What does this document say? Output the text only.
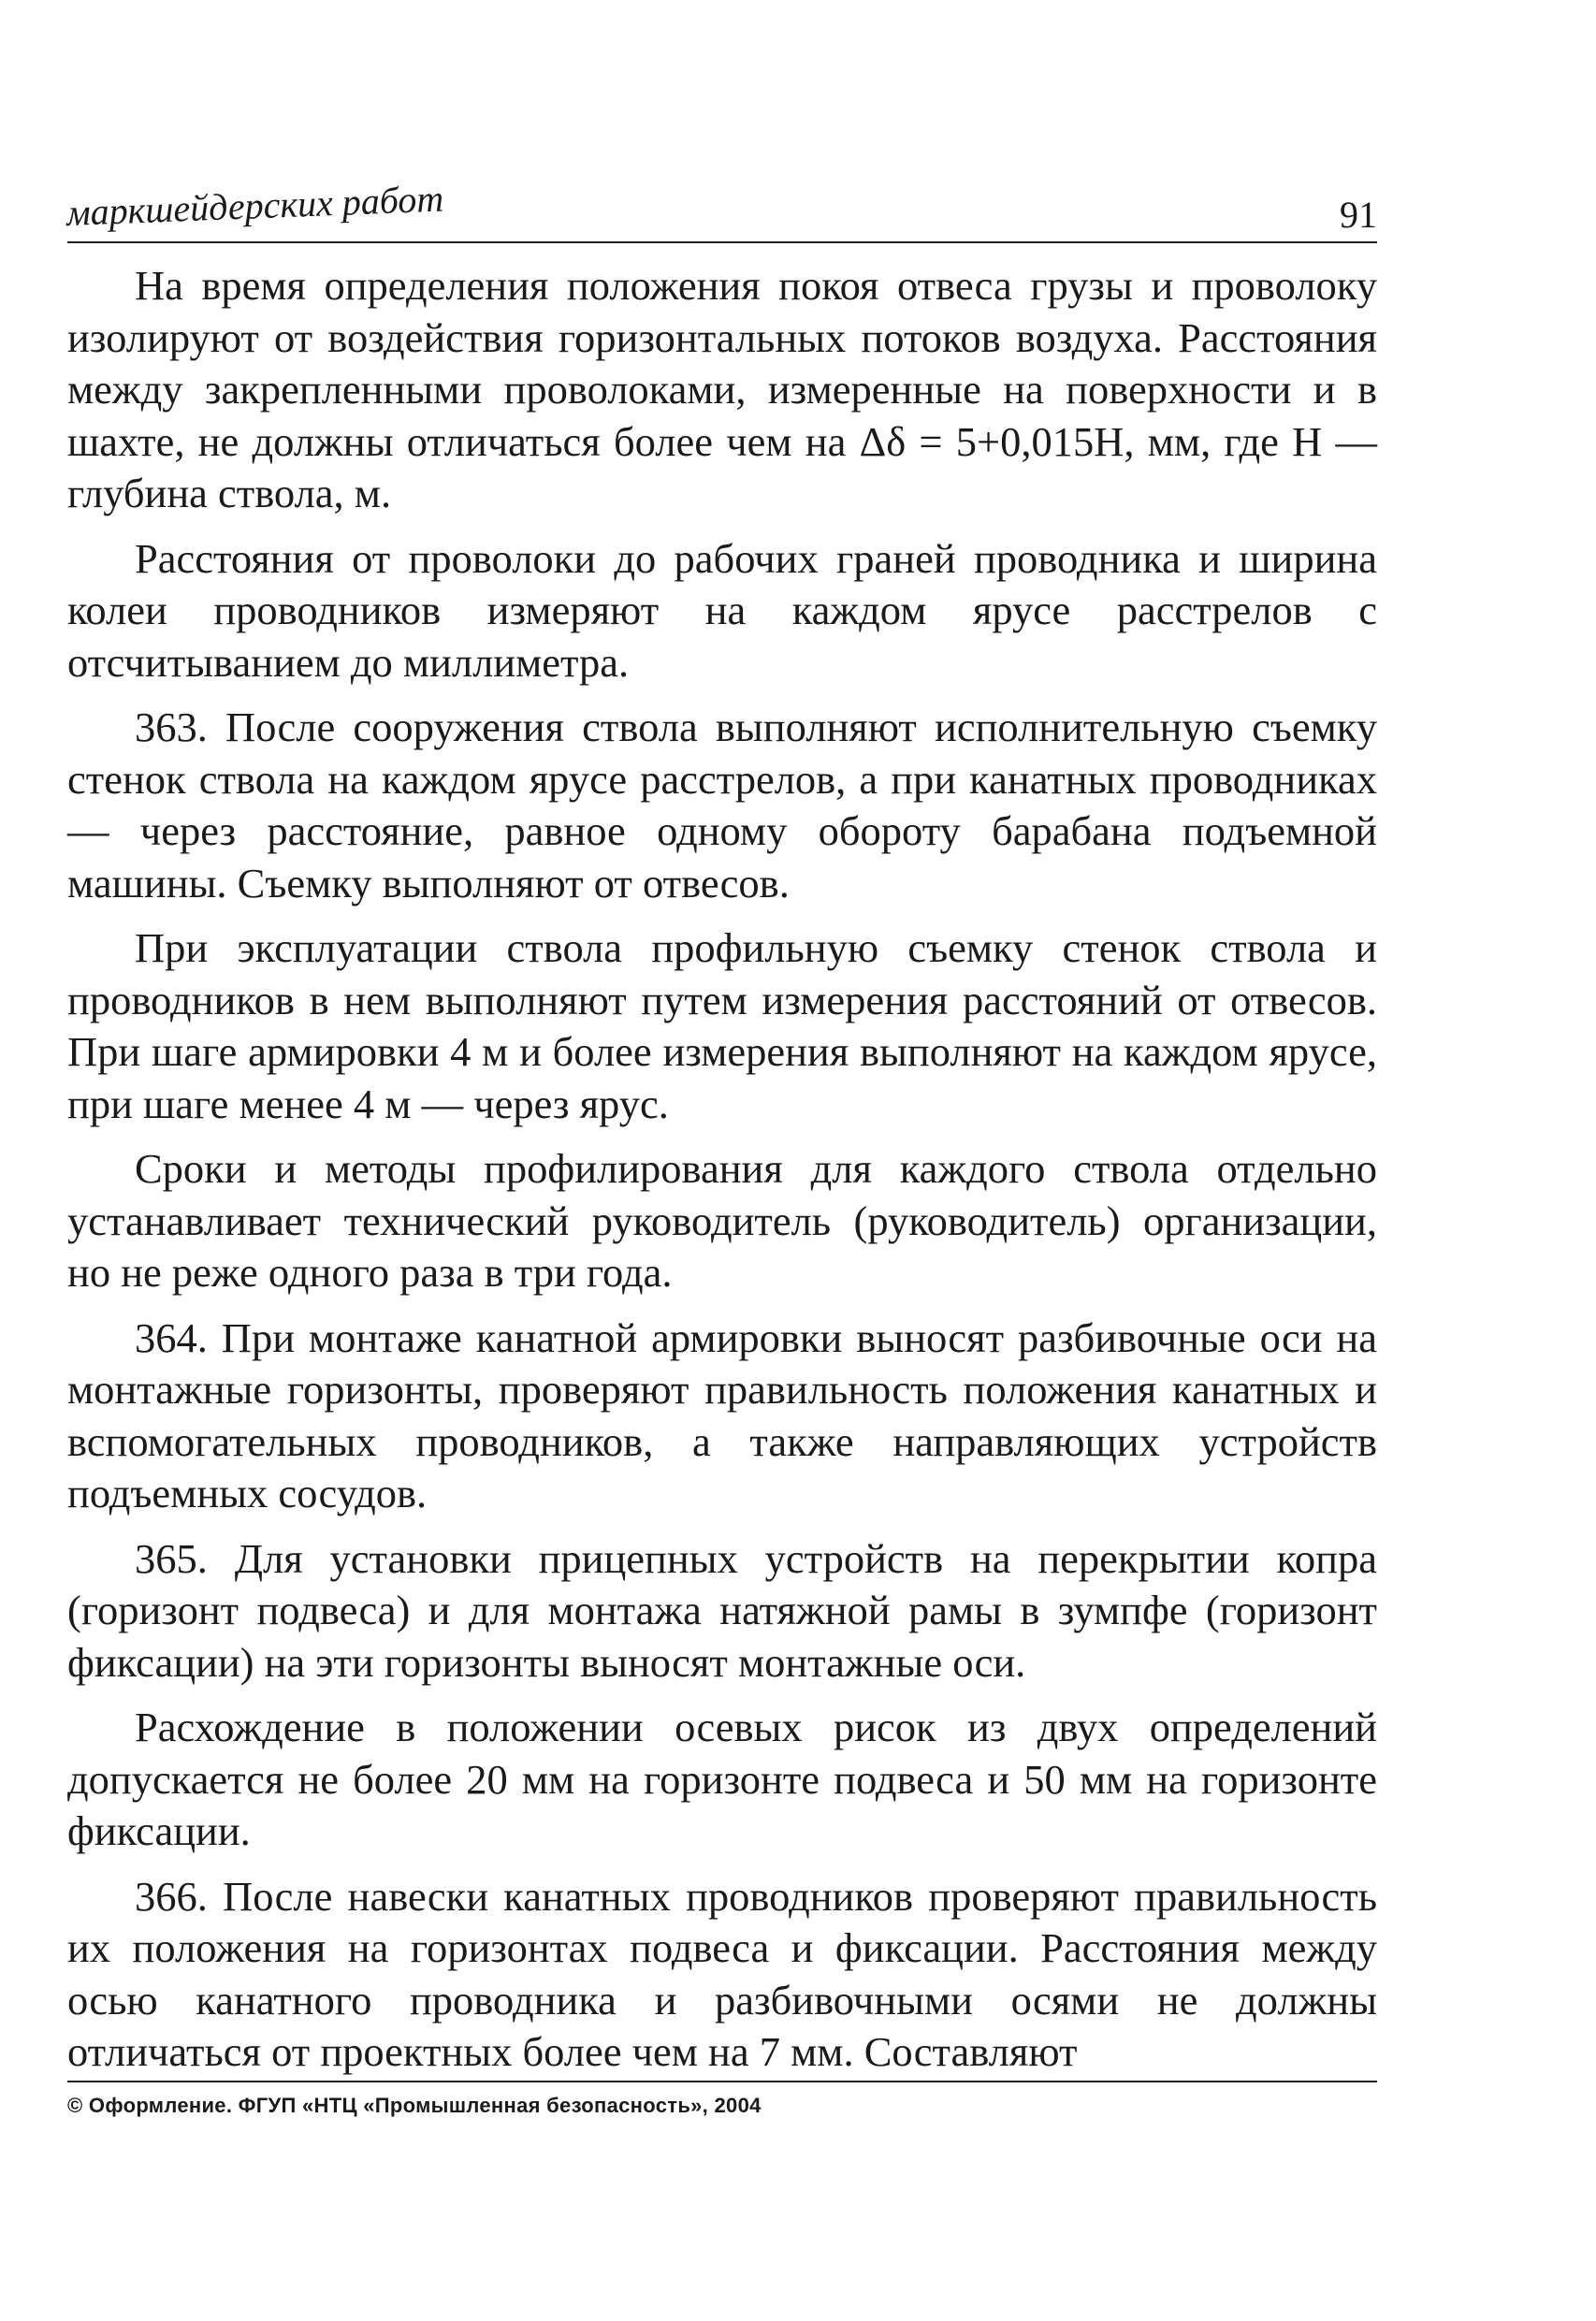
маркшейдерских работ	91

На время определения положения покоя отвеса грузы и проволоку изолируют от воздействия горизонтальных потоков воздуха. Расстояния между закрепленными проволоками, измеренные на поверхности и в шахте, не должны отличаться более чем на Δδ = 5+0,015H, мм, где H — глубина ствола, м.

Расстояния от проволоки до рабочих граней проводника и ширина колеи проводников измеряют на каждом ярусе расстрелов с отсчитыванием до миллиметра.

363. После сооружения ствола выполняют исполнительную съемку стенок ствола на каждом ярусе расстрелов, а при канатных проводниках — через расстояние, равное одному обороту барабана подъемной машины. Съемку выполняют от отвесов.

При эксплуатации ствола профильную съемку стенок ствола и проводников в нем выполняют путем измерения расстояний от отвесов. При шаге армировки 4 м и более измерения выполняют на каждом ярусе, при шаге менее 4 м — через ярус.

Сроки и методы профилирования для каждого ствола отдельно устанавливает технический руководитель (руководитель) организации, но не реже одного раза в три года.

364. При монтаже канатной армировки выносят разбивочные оси на монтажные горизонты, проверяют правильность положения канатных и вспомогательных проводников, а также направляющих устройств подъемных сосудов.

365. Для установки прицепных устройств на перекрытии копра (горизонт подвеса) и для монтажа натяжной рамы в зумпфе (горизонт фиксации) на эти горизонты выносят монтажные оси.

Расхождение в положении осевых рисок из двух определений допускается не более 20 мм на горизонте подвеса и 50 мм на горизонте фиксации.

366. После навески канатных проводников проверяют правильность их положения на горизонтах подвеса и фиксации. Расстояния между осью канатного проводника и разбивочными осями не должны отличаться от проектных более чем на 7 мм. Составляют

© Оформление. ФГУП «НТЦ «Промышленная безопасность», 2004
